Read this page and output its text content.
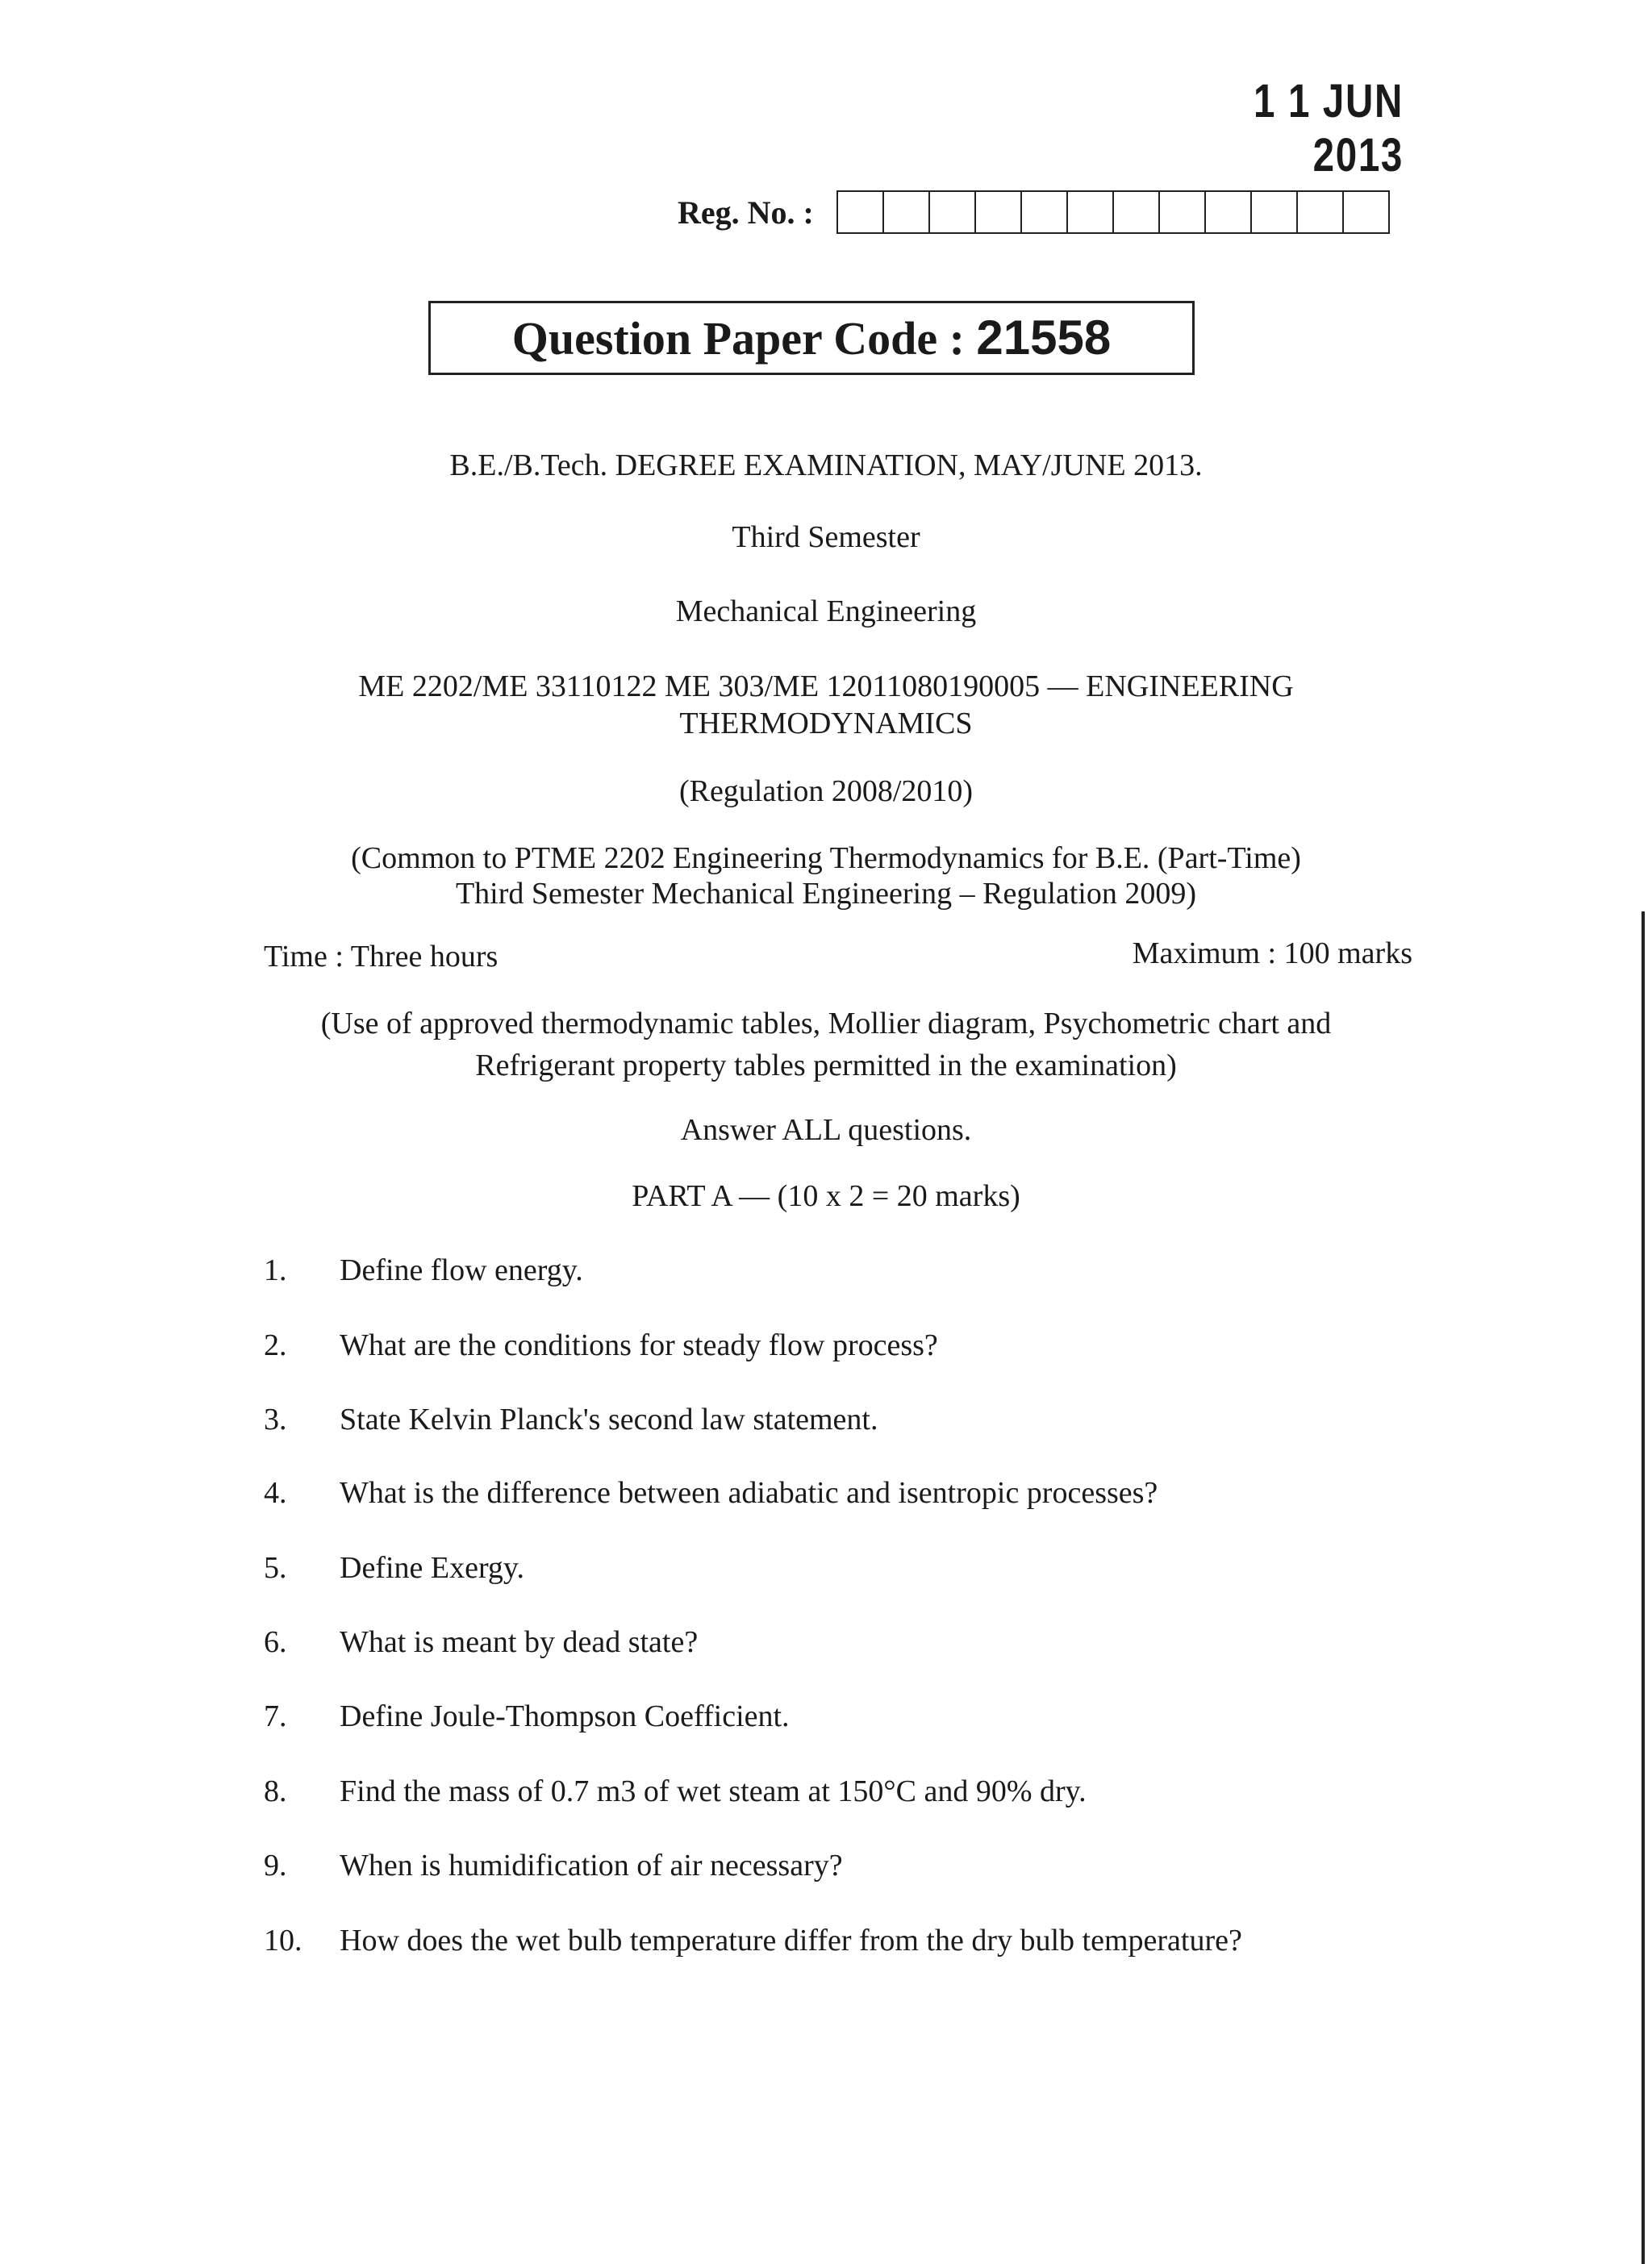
1 1 JUN 2013
Reg. No. :
Question Paper Code : 21558
B.E./B.Tech. DEGREE EXAMINATION, MAY/JUNE 2013.
Third Semester
Mechanical Engineering
ME 2202/ME 33110122 ME 303/ME 12011080190005 — ENGINEERING
THERMODYNAMICS
(Regulation 2008/2010)
(Common to PTME 2202 Engineering Thermodynamics for B.E. (Part-Time)
Third Semester Mechanical Engineering – Regulation 2009)
Time : Three hours	Maximum : 100 marks
(Use of approved thermodynamic tables, Mollier diagram, Psychometric chart and
Refrigerant property tables permitted in the examination)
Answer ALL questions.
PART A — (10 x 2 = 20 marks)
1. Define flow energy.
2. What are the conditions for steady flow process?
3. State Kelvin Planck's second law statement.
4. What is the difference between adiabatic and isentropic processes?
5. Define Exergy.
6. What is meant by dead state?
7. Define Joule-Thompson Coefficient.
8. Find the mass of 0.7 m3 of wet steam at 150°C and 90% dry.
9. When is humidification of air necessary?
10. How does the wet bulb temperature differ from the dry bulb temperature?
